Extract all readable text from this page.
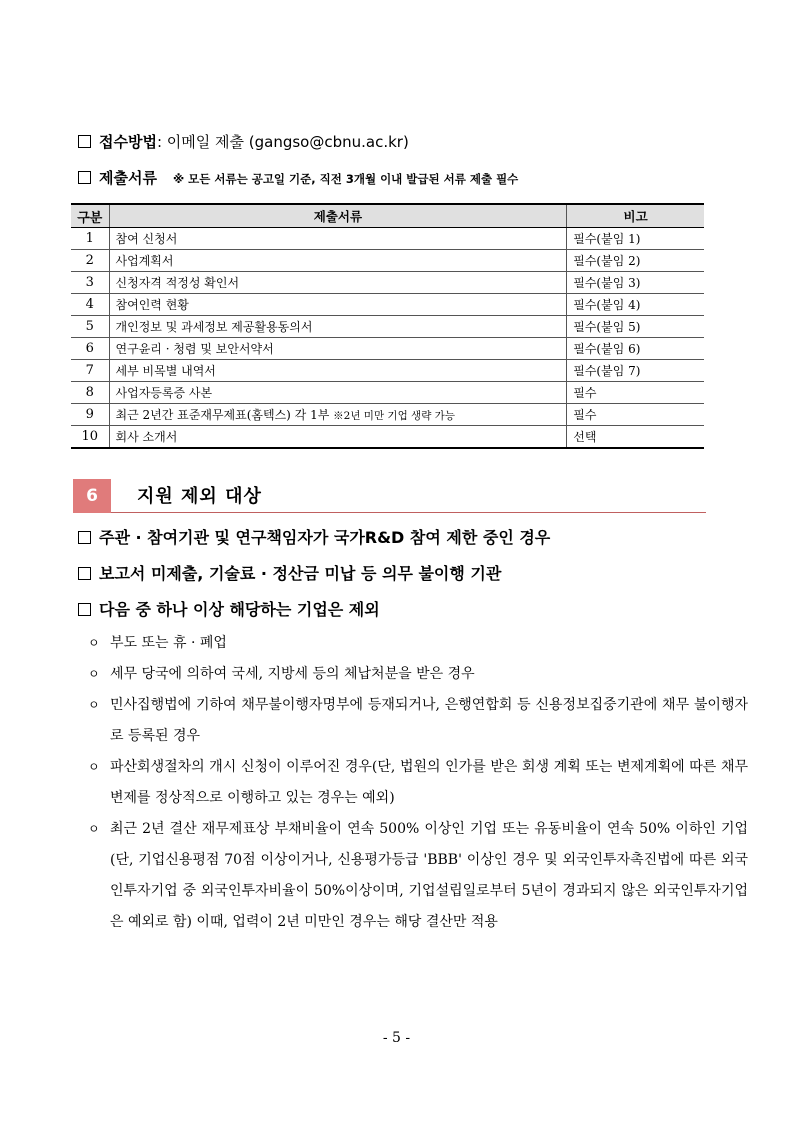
접수방법: 이메일 제출 (gangso@cbnu.ac.kr)
제출서류 ※ 모든 서류는 공고일 기준, 직전 3개월 이내 발급된 서류 제출 필수
구분	제출서류	비고
1	참여 신청서	필수(붙임 1)
2	사업계획서	필수(붙임 2)
3	신청자격 적정성 확인서	필수(붙임 3)
4	참여인력 현황	필수(붙임 4)
5	개인정보 및 과세정보 제공활용동의서	필수(붙임 5)
6	연구윤리 · 청렴 및 보안서약서	필수(붙임 6)
7	세부 비목별 내역서	필수(붙임 7)
8	사업자등록증 사본	필수
9	최근 2년간 표준재무제표(홈텍스) 각 1부 ※2년 미만 기업 생략 가능	필수
10	회사 소개서	선택
6	지원 제외 대상
주관 · 참여기관 및 연구책임자가 국가R&D 참여 제한 중인 경우
보고서 미제출, 기술료 · 정산금 미납 등 의무 불이행 기관
다음 중 하나 이상 해당하는 기업은 제외
ㅇ 부도 또는 휴 · 폐업
ㅇ 세무 당국에 의하여 국세, 지방세 등의 체납처분을 받은 경우
ㅇ 민사집행법에 기하여 채무불이행자명부에 등재되거나, 은행연합회 등 신용정보집중기관에 채무 불이행자로 등록된 경우
ㅇ 파산회생절차의 개시 신청이 이루어진 경우(단, 법원의 인가를 받은 회생 계획 또는 변제계획에 따른 채무변제를 정상적으로 이행하고 있는 경우는 예외)
ㅇ 최근 2년 결산 재무제표상 부채비율이 연속 500% 이상인 기업 또는 유동비율이 연속 50% 이하인 기업(단, 기업신용평점 70점 이상이거나, 신용평가등급 'BBB' 이상인 경우 및 외국인투자촉진법에 따른 외국인투자기업 중 외국인투자비율이 50%이상이며, 기업설립일로부터 5년이 경과되지 않은 외국인투자기업은 예외로 함) 이때, 업력이 2년 미만인 경우는 해당 결산만 적용
- 5 -
